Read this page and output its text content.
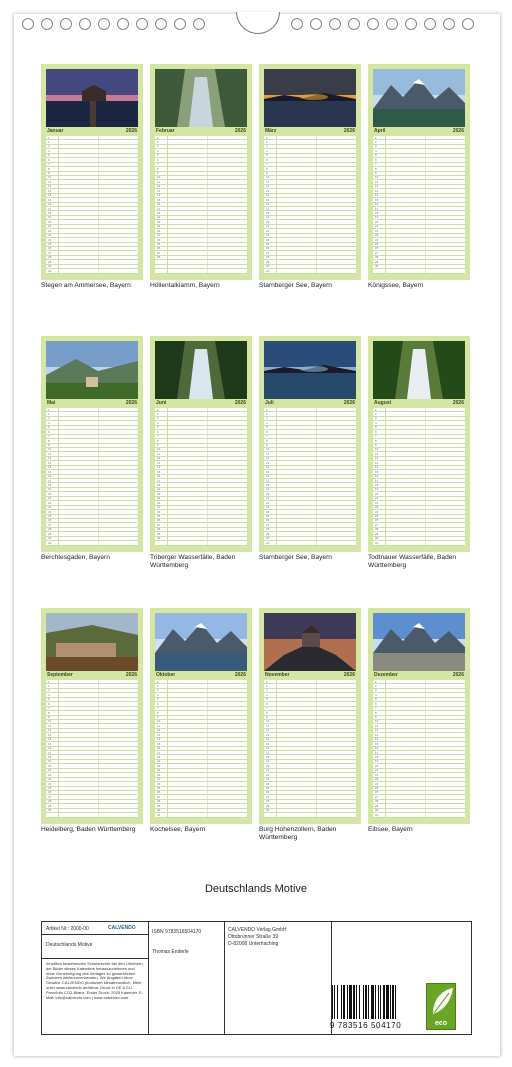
Januar	2026
1
2
3
4
5
6
7
8
9
10
11
12
13
14
15
16
17
18
19
20
21
22
23
24
25
26
27
28
29
30
31
Stegen am Ammersee, Bayern
Februar	2026
1
2
3
4
5
6
7
8
9
10
11
12
13
14
15
16
17
18
19
20
21
22
23
24
25
26
27
28
Höllentalklamm, Bayern
März	2026
1
2
3
4
5
6
7
8
9
10
11
12
13
14
15
16
17
18
19
20
21
22
23
24
25
26
27
28
29
30
31
Starnberger See, Bayern
April	2026
1
2
3
4
5
6
7
8
9
10
11
12
13
14
15
16
17
18
19
20
21
22
23
24
25
26
27
28
29
30
Königssee, Bayern
Mai	2026
1
2
3
4
5
6
7
8
9
10
11
12
13
14
15
16
17
18
19
20
21
22
23
24
25
26
27
28
29
30
31
Berchtesgaden, Bayern
Juni	2026
1
2
3
4
5
6
7
8
9
10
11
12
13
14
15
16
17
18
19
20
21
22
23
24
25
26
27
28
29
30
Triberger Wasserfälle, Baden Württemberg
Juli	2026
1
2
3
4
5
6
7
8
9
10
11
12
13
14
15
16
17
18
19
20
21
22
23
24
25
26
27
28
29
30
31
Starnberger See, Bayern
August	2026
1
2
3
4
5
6
7
8
9
10
11
12
13
14
15
16
17
18
19
20
21
22
23
24
25
26
27
28
29
30
31
Todtnauer Wasserfälle, Baden Württemberg
September	2026
1
2
3
4
5
6
7
8
9
10
11
12
13
14
15
16
17
18
19
20
21
22
23
24
25
26
27
28
29
30
Heidelberg, Baden Württemberg
Oktober	2026
1
2
3
4
5
6
7
8
9
10
11
12
13
14
15
16
17
18
19
20
21
22
23
24
25
26
27
28
29
30
31
Kochelsee, Bayern
November	2026
1
2
3
4
5
6
7
8
9
10
11
12
13
14
15
16
17
18
19
20
21
22
23
24
25
26
27
28
29
30
Burg Hohenzollern, Baden Württemberg
Dezember	2026
1
2
3
4
5
6
7
8
9
10
11
12
13
14
15
16
17
18
19
20
21
22
23
24
25
26
27
28
29
30
31
Eibsee, Bayern
Deutschlands Motive
Artikel Nr.: 2000-00	CALVENDO
Deutschlands Motive
Inhaltlich bestehenden Schutzrechte bei den Urhebern, der Bilder dieses Kalenders herauszunehmen und ohne Genehmigung des Verlages zu gewerblichen Zwecken weiterzuverwenden. Wir Angaben ohne Gewähr. CALVENDO produziert klimafreundlich. Mehr unter www.calvendo.de/klima. Druck in DE & EU. Preis/Info CO2-Bilanz. Erster Druck: 2025 Kalender. E-Mail: info@calvendo.com | www.calvendo.com
ISBN 9783516504170
Thomas Enderle
CALVENDO Verlag GmbH
Ottobrunner Straße 39
D-82008 Unterhaching
9 783516 504170	eco
